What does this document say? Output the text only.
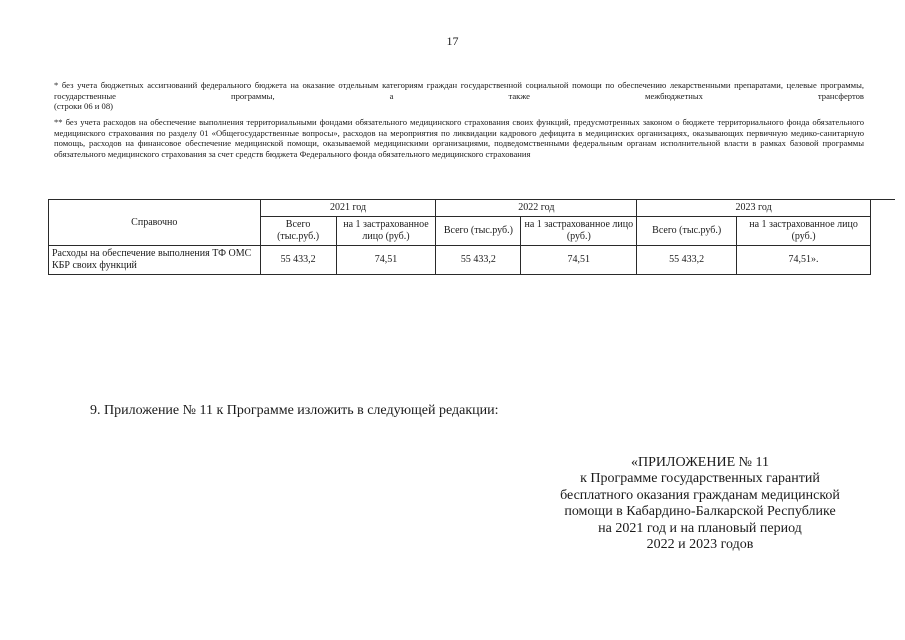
17
* без учета бюджетных ассигнований федерального бюджета на оказание отдельным категориям граждан государственной социальной помощи по обеспечению лекарственными препаратами, целевые программы, государственные программы, а также межбюджетных трансфертов
(строки 06 и 08)
** без учета расходов на обеспечение выполнения территориальными фондами обязательного медицинского страхования своих функций, предусмотренных законом о бюджете территориального фонда обязательного медицинского страхования по разделу 01 «Общегосударственные вопросы», расходов на мероприятия по ликвидации кадрового дефицита в медицинских организациях, оказывающих первичную медико-санитарную помощь, расходов на финансовое обеспечение медицинской помощи, оказываемой медицинскими организациями, подведомственными федеральным органам исполнительной власти в рамках базовой программы обязательного медицинского страхования за счет средств бюджета Федерального фонда обязательного медицинского страхования
Справочно	2021 год		2022 год		2023 год	
	Всего (тыс.руб.)	на 1 застрахованное лицо (руб.)	Всего (тыс.руб.)	на 1 застрахованное лицо (руб.)	Всего (тыс.руб.)	на 1 застрахованное лицо (руб.)
Расходы на обеспечение выполнения ТФ ОМС КБР своих функций	55 433,2	74,51	55 433,2	74,51	55 433,2	74,51».
9. Приложение № 11 к Программе изложить в следующей редакции:
«ПРИЛОЖЕНИЕ № 11
к Программе государственных гарантий
бесплатного оказания гражданам медицинской
помощи в Кабардино-Балкарской Республике
на 2021 год и на плановый период
2022 и 2023 годов
